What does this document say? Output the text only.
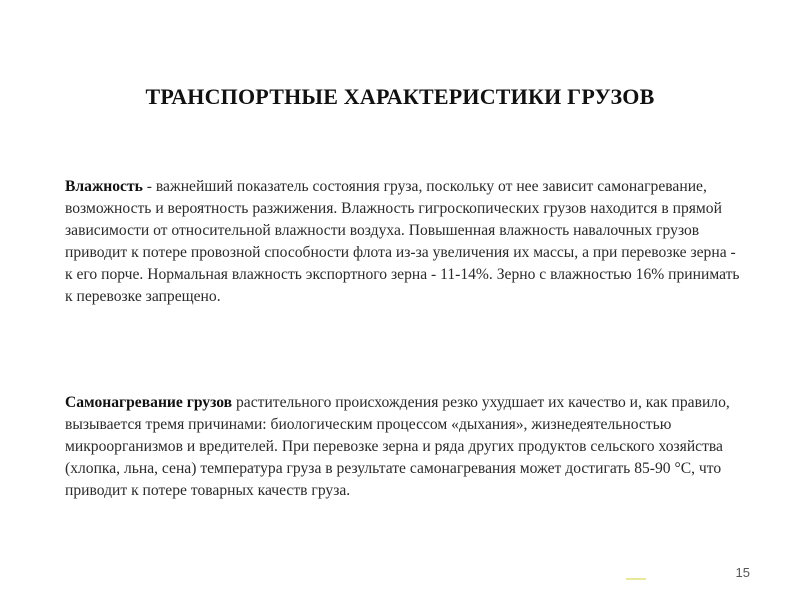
ТРАНСПОРТНЫЕ ХАРАКТЕРИСТИКИ ГРУЗОВ

Влажность - важнейший показатель состояния груза, поскольку от нее зависит самонагревание, возможность и вероятность разжижения. Влажность гигроскопических грузов находится в прямой зависимости от относительной влажности воздуха. Повышенная влажность навалочных грузов приводит к потере провозной способности флота из-за увеличения их массы, а при перевозке зерна - к его порче. Нормальная влажность экспортного зерна - 11-14%. Зерно с влажностью 16% принимать к перевозке запрещено.

Самонагревание грузов растительного происхождения резко ухудшает их качество и, как правило, вызывается тремя причинами: биологическим процессом «дыхания», жизнедеятельностью микроорганизмов и вредителей. При перевозке зерна и ряда других продуктов сельского хозяйства (хлопка, льна, сена) температура груза в результате самонагревания может достигать 85-90 °С, что приводит к потере товарных качеств груза.

15
